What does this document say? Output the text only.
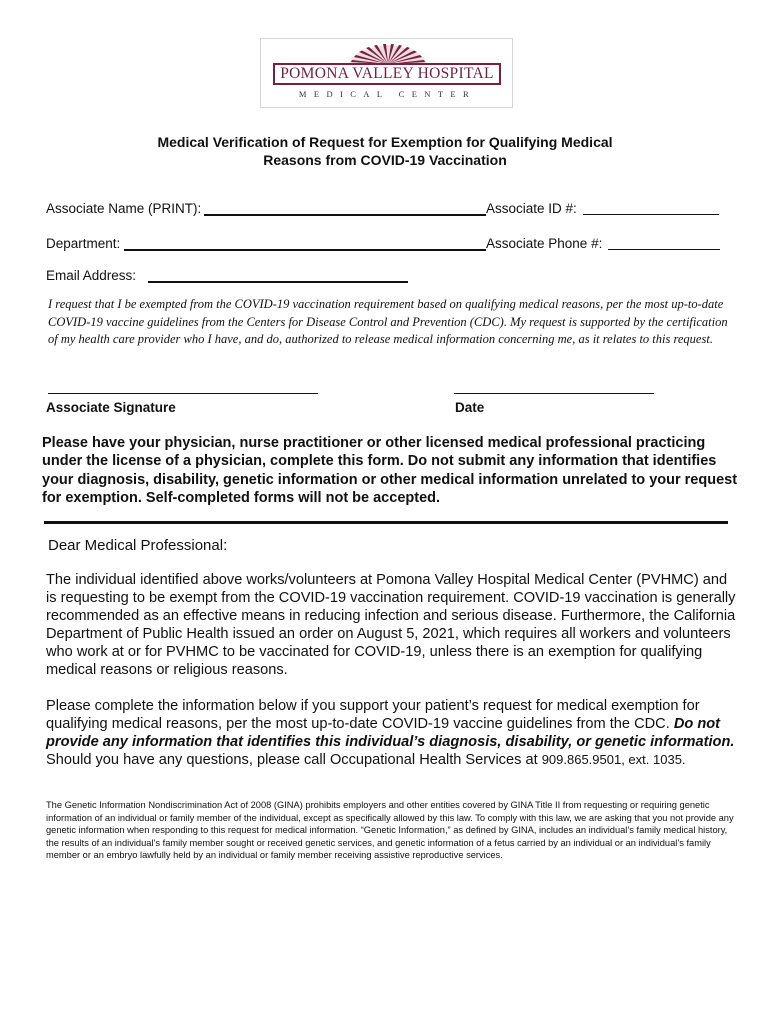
POMONA VALLEY HOSPITAL
MEDICAL CENTER
Medical Verification of Request for Exemption for Qualifying Medical
Reasons from COVID-19 Vaccination
Associate Name (PRINT):	Associate ID #:
Department:	Associate Phone #:
Email Address:
I request that I be exempted from the COVID-19 vaccination requirement based on qualifying medical reasons, per the most up-to-date COVID-19 vaccine guidelines from the Centers for Disease Control and Prevention (CDC). My request is supported by the certification of my health care provider who I have, and do, authorized to release medical information concerning me, as it relates to this request.
Associate Signature	Date
Please have your physician, nurse practitioner or other licensed medical professional practicing under the license of a physician, complete this form. Do not submit any information that identifies your diagnosis, disability, genetic information or other medical information unrelated to your request for exemption. Self-completed forms will not be accepted.
Dear Medical Professional:
The individual identified above works/volunteers at Pomona Valley Hospital Medical Center (PVHMC) and is requesting to be exempt from the COVID-19 vaccination requirement. COVID-19 vaccination is generally recommended as an effective means in reducing infection and serious disease. Furthermore, the California Department of Public Health issued an order on August 5, 2021, which requires all workers and volunteers who work at or for PVHMC to be vaccinated for COVID-19, unless there is an exemption for qualifying medical reasons or religious reasons.
Please complete the information below if you support your patient’s request for medical exemption for qualifying medical reasons, per the most up-to-date COVID-19 vaccine guidelines from the CDC. Do not provide any information that identifies this individual’s diagnosis, disability, or genetic information. Should you have any questions, please call Occupational Health Services at 909.865.9501, ext. 1035.
The Genetic Information Nondiscrimination Act of 2008 (GINA) prohibits employers and other entities covered by GINA Title II from requesting or requiring genetic information of an individual or family member of the individual, except as specifically allowed by this law. To comply with this law, we are asking that you not provide any genetic information when responding to this request for medical information. “Genetic Information,” as defined by GINA, includes an individual’s family medical history, the results of an individual’s family member sought or received genetic services, and genetic information of a fetus carried by an individual or an individual’s family member or an embryo lawfully held by an individual or family member receiving assistive reproductive services.
